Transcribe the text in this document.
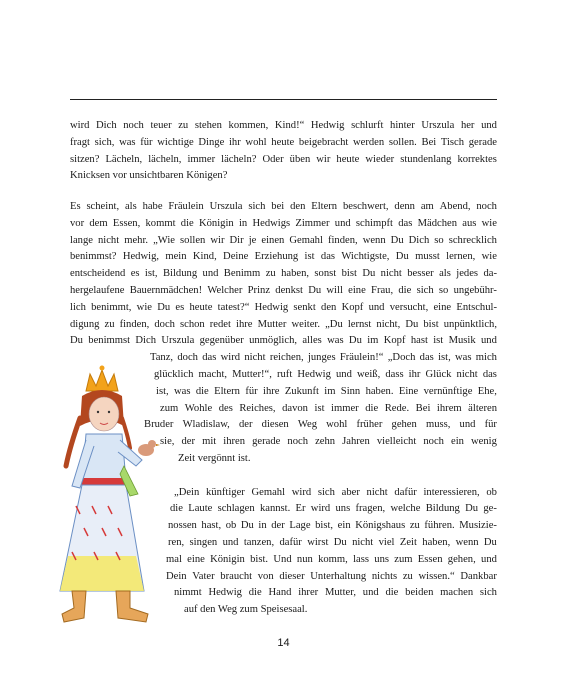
wird Dich noch teuer zu stehen kommen, Kind!“ Hedwig schlurft hinter Urszula her und
fragt sich, was für wichtige Dinge ihr wohl heute beigebracht werden sollen. Bei Tisch gerade
sitzen? Lächeln, lächeln, immer lächeln? Oder üben wir heute wieder stundenlang korrektes
Knicksen vor unsichtbaren Königen?
Es scheint, als habe Fräulein Urszula sich bei den Eltern beschwert, denn am Abend, noch
vor dem Essen, kommt die Königin in Hedwigs Zimmer und schimpft das Mädchen aus wie
lange nicht mehr. „Wie sollen wir Dir je einen Gemahl finden, wenn Du Dich so schrecklich
benimmst? Hedwig, mein Kind, Deine Erziehung ist das Wichtigste, Du musst lernen, wie
entscheidend es ist, Bildung und Benimm zu haben, sonst bist Du nicht besser als jedes da-
hergelaufene Bauernmädchen! Welcher Prinz denkst Du will eine Frau, die sich so ungebühr-
lich benimmt, wie Du es heute tatest?“ Hedwig senkt den Kopf und versucht, eine Entschul-
digung zu finden, doch schon redet ihre Mutter weiter. „Du lernst nicht, Du bist unpünktlich,
Du benimmst Dich Urszula gegenüber unmöglich, alles was Du im Kopf hast ist Musik und
Tanz, doch das wird nicht reichen, junges Fräulein!“ „Doch das ist, was mich
glücklich macht, Mutter!“, ruft Hedwig und weiß, dass ihr Glück nicht das
ist, was die Eltern für ihre Zukunft im Sinn haben. Eine vernünftige Ehe,
zum Wohle des Reiches, davon ist immer die Rede. Bei ihrem älteren
Bruder Wladislaw, der diesen Weg wohl früher gehen muss, und für
sie, der mit ihren gerade noch zehn Jahren vielleicht noch ein wenig
Zeit vergönnt ist.
„Dein künftiger Gemahl wird sich aber nicht dafür interessieren, ob
die Laute schlagen kannst. Er wird uns fragen, welche Bildung Du ge-
nossen hast, ob Du in der Lage bist, ein Königshaus zu führen. Musizie-
ren, singen und tanzen, dafür wirst Du nicht viel Zeit haben, wenn Du
mal eine Königin bist. Und nun komm, lass uns zum Essen gehen, und
Dein Vater braucht von dieser Unterhaltung nichts zu wissen.“ Dankbar
nimmt Hedwig die Hand ihrer Mutter, und die beiden machen sich
auf den Weg zum Speisesaal.
14
